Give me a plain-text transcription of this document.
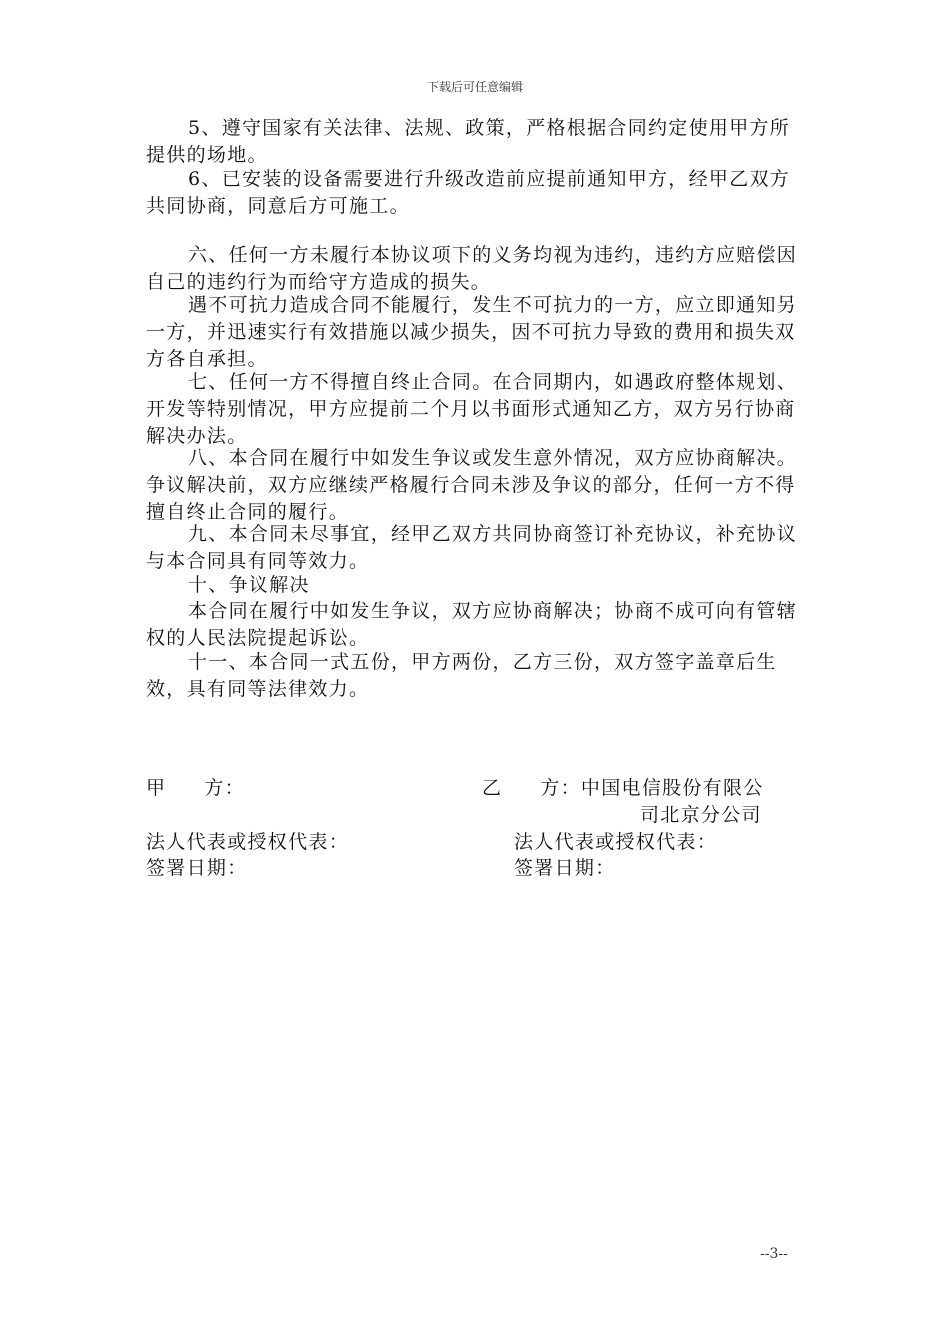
下载后可任意编辑

5、遵守国家有关法律、法规、政策，严格根据合同约定使用甲方所提供的场地。

6、已安装的设备需要进行升级改造前应提前通知甲方，经甲乙双方共同协商，同意后方可施工。

六、任何一方未履行本协议项下的义务均视为违约，违约方应赔偿因自己的违约行为而给守方造成的损失。

遇不可抗力造成合同不能履行，发生不可抗力的一方，应立即通知另一方，并迅速实行有效措施以减少损失，因不可抗力导致的费用和损失双方各自承担。

七、任何一方不得擅自终止合同。在合同期内，如遇政府整体规划、开发等特别情况，甲方应提前二个月以书面形式通知乙方，双方另行协商解决办法。

八、本合同在履行中如发生争议或发生意外情况，双方应协商解决。争议解决前，双方应继续严格履行合同未涉及争议的部分，任何一方不得擅自终止合同的履行。

九、本合同未尽事宜，经甲乙双方共同协商签订补充协议，补充协议与本合同具有同等效力。

十、争议解决

本合同在履行中如发生争议，双方应协商解决；协商不成可向有管辖权的人民法院提起诉讼。

十一、本合同一式五份，甲方两份，乙方三份，双方签字盖章后生效，具有同等法律效力。

甲 方：	乙 方：中国电信股份有限公
司北京分公司
法人代表或授权代表：	法人代表或授权代表：
签署日期：	签署日期：
--3--
